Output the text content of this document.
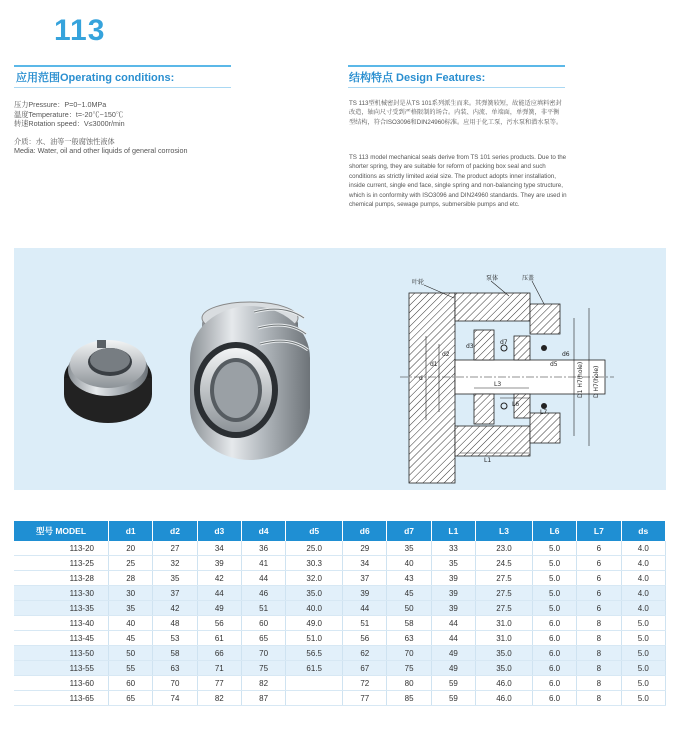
113
应用范围Operating conditions:
压力Pressure：P=0~1.0MPa
温度Temperature：t=-20℃~150℃
转速Rotation speed：V≤3000r/min
介质：水、油等一般腐蚀性液体
Media: Water, oil and other liquids of general corrosion
结构特点 Design Features:
TS 113型机械密封是从TS 101系列派生而来。其弹簧较短，故能适应填料密封
改造，轴向尺寸受到严格限制的场合。内装、内流、单端面，单弹簧，非平衡
型结构，符合ISO3096和DIN24960标准。应用于化工泵，污水泵和潜水泵等。
TS 113 model mechanical seals derive from TS 101 series products. Due to the
shorter spring, they are suitable for reform of packing box seal and such
conditions as strictly limited axial size. The product adopts inner installation,
inside current, single end face, single spring and non-balancing type structure,
which is in conformity with ISO3096 and DIN24960 standards. They are used in
chemical pumps, sewage pumps, submersible pumps and etc.
叶轮
泵体	压盖
d
d1
d2
d3
d5
d6
d7
L1
L3
L6
L7
D1 H7(hole) D H7(hole)
型号 MODEL	d1	d2	d3	d4	d5	d6	d7	L1	L3	L6	L7	ds
113-20	20	27	34	36	25.0	29	35	33	23.0	5.0	6	4.0
113-25	25	32	39	41	30.3	34	40	35	24.5	5.0	6	4.0
113-28	28	35	42	44	32.0	37	43	39	27.5	5.0	6	4.0
113-30	30	37	44	46	35.0	39	45	39	27.5	5.0	6	4.0
113-35	35	42	49	51	40.0	44	50	39	27.5	5.0	6	4.0
113-40	40	48	56	60	49.0	51	58	44	31.0	6.0	8	5.0
113-45	45	53	61	65	51.0	56	63	44	31.0	6.0	8	5.0
113-50	50	58	66	70	56.5	62	70	49	35.0	6.0	8	5.0
113-55	55	63	71	75	61.5	67	75	49	35.0	6.0	8	5.0
113-60	60	70	77	82		72	80	59	46.0	6.0	8	5.0
113-65	65	74	82	87		77	85	59	46.0	6.0	8	5.0
